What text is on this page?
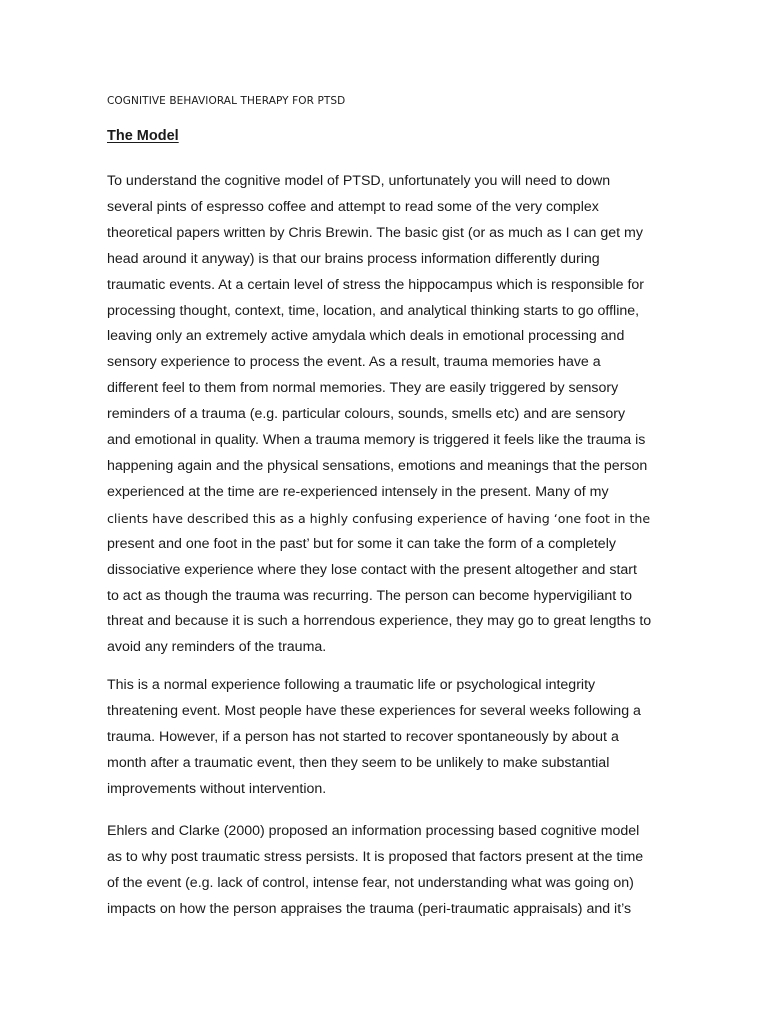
COGNITIVE BEHAVIORAL THERAPY FOR PTSD
The Model

To understand the cognitive model of PTSD, unfortunately you will need to down
several pints of espresso coffee and attempt to read some of the very complex
theoretical papers written by Chris Brewin. The basic gist (or as much as I can get my
head around it anyway) is that our brains process information differently during
traumatic events. At a certain level of stress the hippocampus which is responsible for
processing thought, context, time, location, and analytical thinking starts to go offline,
leaving only an extremely active amydala which deals in emotional processing and
sensory experience to process the event. As a result, trauma memories have a
different feel to them from normal memories. They are easily triggered by sensory
reminders of a trauma (e.g. particular colours, sounds, smells etc) and are sensory
and emotional in quality. When a trauma memory is triggered it feels like the trauma is
happening again and the physical sensations, emotions and meanings that the person
experienced at the time are re-experienced intensely in the present. Many of my
clients have described this as a highly confusing experience of having ‘one foot in the
present and one foot in the past’ but for some it can take the form of a completely
dissociative experience where they lose contact with the present altogether and start
to act as though the trauma was recurring. The person can become hypervigiliant to
threat and because it is such a horrendous experience, they may go to great lengths to
avoid any reminders of the trauma.

This is a normal experience following a traumatic life or psychological integrity
threatening event. Most people have these experiences for several weeks following a
trauma. However, if a person has not started to recover spontaneously by about a
month after a traumatic event, then they seem to be unlikely to make substantial
improvements without intervention.

Ehlers and Clarke (2000) proposed an information processing based cognitive model
as to why post traumatic stress persists. It is proposed that factors present at the time
of the event (e.g. lack of control, intense fear, not understanding what was going on)
impacts on how the person appraises the trauma (peri-traumatic appraisals) and it’s
